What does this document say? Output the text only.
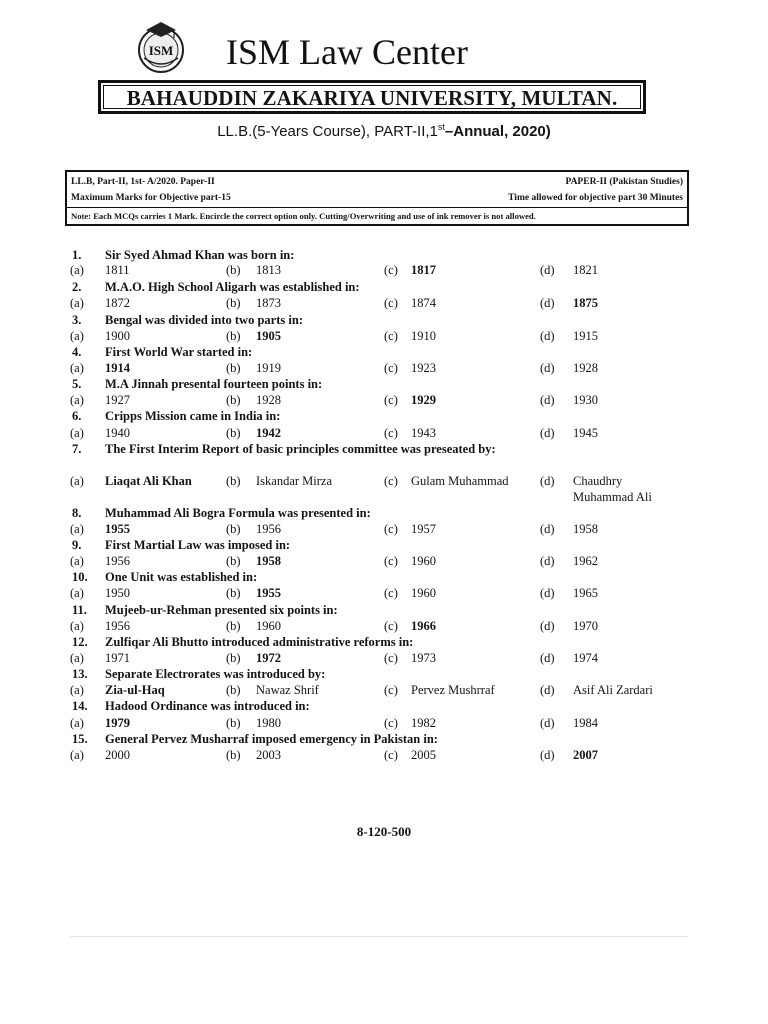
ISM ISM Law Center
BAHAUDDIN ZAKARIYA UNIVERSITY, MULTAN.
LL.B.(5-Years Course), PART-II,1st–Annual, 2020)
LL.B, Part-II, 1st- A/2020. Paper-II	PAPER-II (Pakistan Studies)
Maximum Marks for Objective part-15	Time allowed for objective part 30 Minutes
Note: Each MCQs carries 1 Mark. Encircle the correct option only. Cutting/Overwriting and use of ink remover is not allowed.
1. Sir Syed Ahmad Khan was born in:
(a) 1811	(b) 1813	(c) 1817	(d) 1821
2. M.A.O. High School Aligarh was established in:
(a) 1872	(b) 1873	(c) 1874	(d) 1875
3. Bengal was divided into two parts in:
(a) 1900	(b) 1905	(c) 1910	(d) 1915
4. First World War started in:
(a) 1914	(b) 1919	(c) 1923	(d) 1928
5. M.A Jinnah presental fourteen points in:
(a) 1927	(b) 1928	(c) 1929	(d) 1930
6. Cripps Mission came in India in:
(a) 1940	(b) 1942	(c) 1943	(d) 1945
7. The First Interim Report of basic principles committee was preseated by:
(a) Liaqat Ali Khan	(b) Iskandar Mirza	(c) Gulam Muhammad	(d) Chaudhry
Muhammad Ali
8. Muhammad Ali Bogra Formula was presented in:
(a) 1955	(b) 1956	(c) 1957	(d) 1958
9. First Martial Law was imposed in:
(a) 1956	(b) 1958	(c) 1960	(d) 1962
10. One Unit was established in:
(a) 1950	(b) 1955	(c) 1960	(d) 1965
11. Mujeeb-ur-Rehman presented six points in:
(a) 1956	(b) 1960	(c) 1966	(d) 1970
12. Zulfiqar Ali Bhutto introduced administrative reforms in:
(a) 1971	(b) 1972	(c) 1973	(d) 1974
13. Separate Electrorates was introduced by:
(a) Zia-ul-Haq	(b) Nawaz Shrif	(c) Pervez Mushrraf	(d) Asif Ali Zardari
14. Hadood Ordinance was introduced in:
(a) 1979	(b) 1980	(c) 1982	(d) 1984
15. General Pervez Musharraf imposed emergency in Pakistan in:
(a) 2000	(b) 2003	(c) 2005	(d) 2007
8-120-500
